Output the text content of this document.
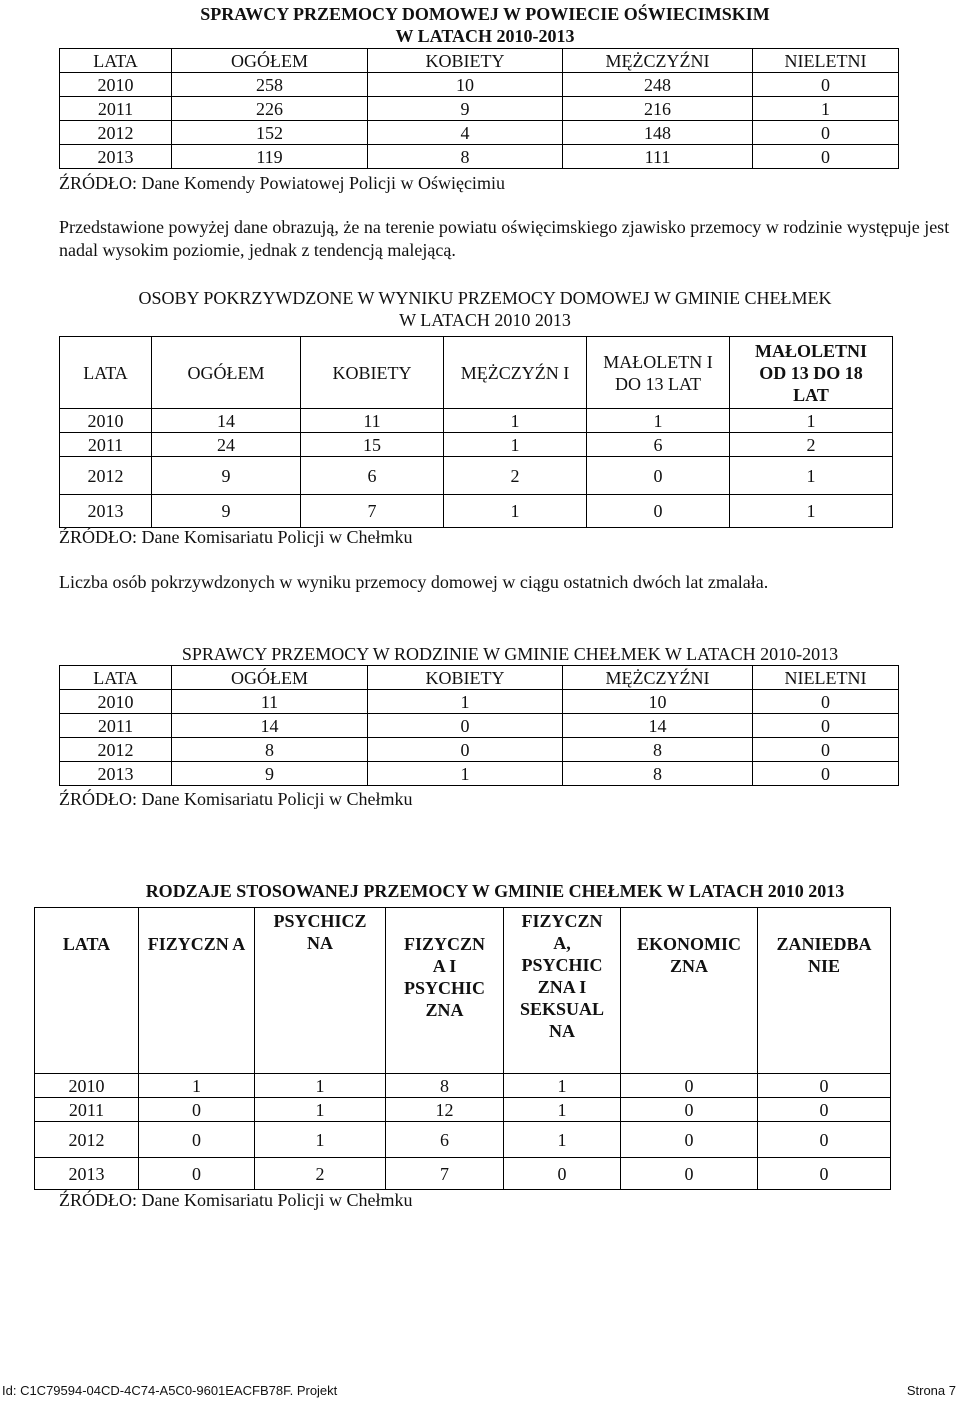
SPRAWCY PRZEMOCY DOMOWEJ W POWIECIE OŚWIECIMSKIM
W LATACH 2010-2013
LATA	OGÓŁEM	KOBIETY	MĘŻCZYŹNI	NIELETNI
2010	258	10	248	0
2011	226	9	216	1
2012	152	4	148	0
2013	119	8	111	0
ŹRÓDŁO: Dane Komendy Powiatowej Policji w Oświęcimiu
Przedstawione powyżej dane obrazują, że na terenie powiatu oświęcimskiego zjawisko przemocy w rodzinie występuje jest nadal wysokim poziomie, jednak z tendencją malejącą.
OSOBY POKRZYWDZONE W WYNIKU PRZEMOCY DOMOWEJ W GMINIE CHEŁMEK
W LATACH 2010 2013
LATA	OGÓŁEM	KOBIETY	MĘŻCZYŹN I	MAŁOLETN I DO 13 LAT	MAŁOLETNI OD 13 DO 18 LAT
2010	14	11	1	1	1
2011	24	15	1	6	2
2012	9	6	2	0	1
2013	9	7	1	0	1
ŹRÓDŁO: Dane Komisariatu Policji w Chełmku
Liczba osób pokrzywdzonych w wyniku przemocy domowej w ciągu ostatnich dwóch lat zmalała.
SPRAWCY PRZEMOCY W RODZINIE W GMINIE CHEŁMEK W LATACH 2010-2013
LATA	OGÓŁEM	KOBIETY	MĘŻCZYŹNI	NIELETNI
2010	11	1	10	0
2011	14	0	14	0
2012	8	0	8	0
2013	9	1	8	0
ŹRÓDŁO: Dane Komisariatu Policji w Chełmku
RODZAJE STOSOWANEJ PRZEMOCY W GMINIE CHEŁMEK W LATACH 2010 2013
LATA	FIZYCZN A	PSYCHICZ NA	FIZYCZN A I PSYCHIC ZNA	FIZYCZN A, PSYCHIC ZNA I SEKSUAL NA	EKONOMIC ZNA	ZANIEDBA NIE
2010	1	1	8	1	0	0
2011	0	1	12	1	0	0
2012	0	1	6	1	0	0
2013	0	2	7	0	0	0
ŹRÓDŁO: Dane Komisariatu Policji w Chełmku
Id: C1C79594-04CD-4C74-A5C0-9601EACFB78F. Projekt	Strona 7
